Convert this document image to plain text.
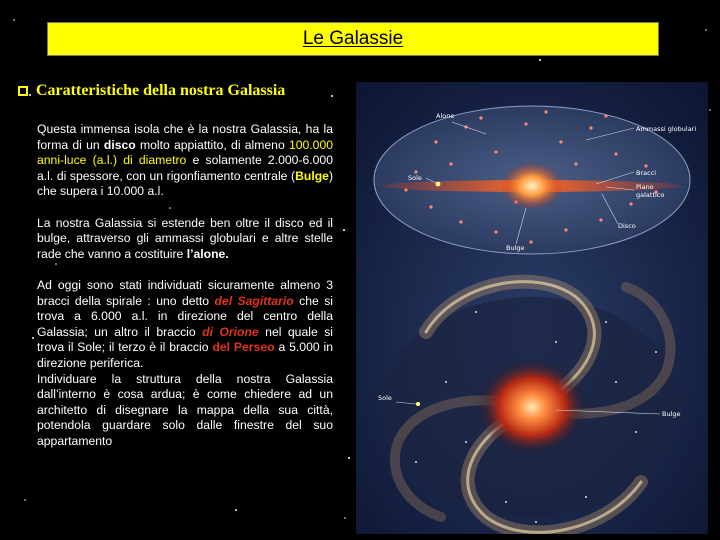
Le Galassie
Caratteristiche della nostra Galassia

Questa immensa isola che è la nostra Galassia, ha la forma di un disco molto appiattito, di almeno 100.000 anni-luce (a.l.) di diametro e solamente 2.000-6.000 a.l. di spessore, con un rigonfiamento centrale (Bulge) che supera i 10.000 a.l.

La nostra Galassia si estende ben oltre il disco ed il bulge, attraverso gli ammassi globulari e altre stelle rade che vanno a costituire l’alone.

Ad oggi sono stati individuati sicuramente almeno 3 bracci della spirale : uno detto del Sagittario che si trova a 6.000 a.l. in direzione del centro della Galassia; un altro il braccio di Orione nel quale si trova il Sole; il terzo è il braccio del Perseo a 5.000 in direzione periferica.

Individuare la struttura della nostra Galassia dall’interno è cosa ardua; è come chiedere ad un architetto di disegnare la mappa della sua città, potendola guardare solo dalle finestre del suo appartamento

Alone
Ammassi globulari
Bracci
Piano
galattico
Sole
Disco
Bulge
Sole
Bulge
